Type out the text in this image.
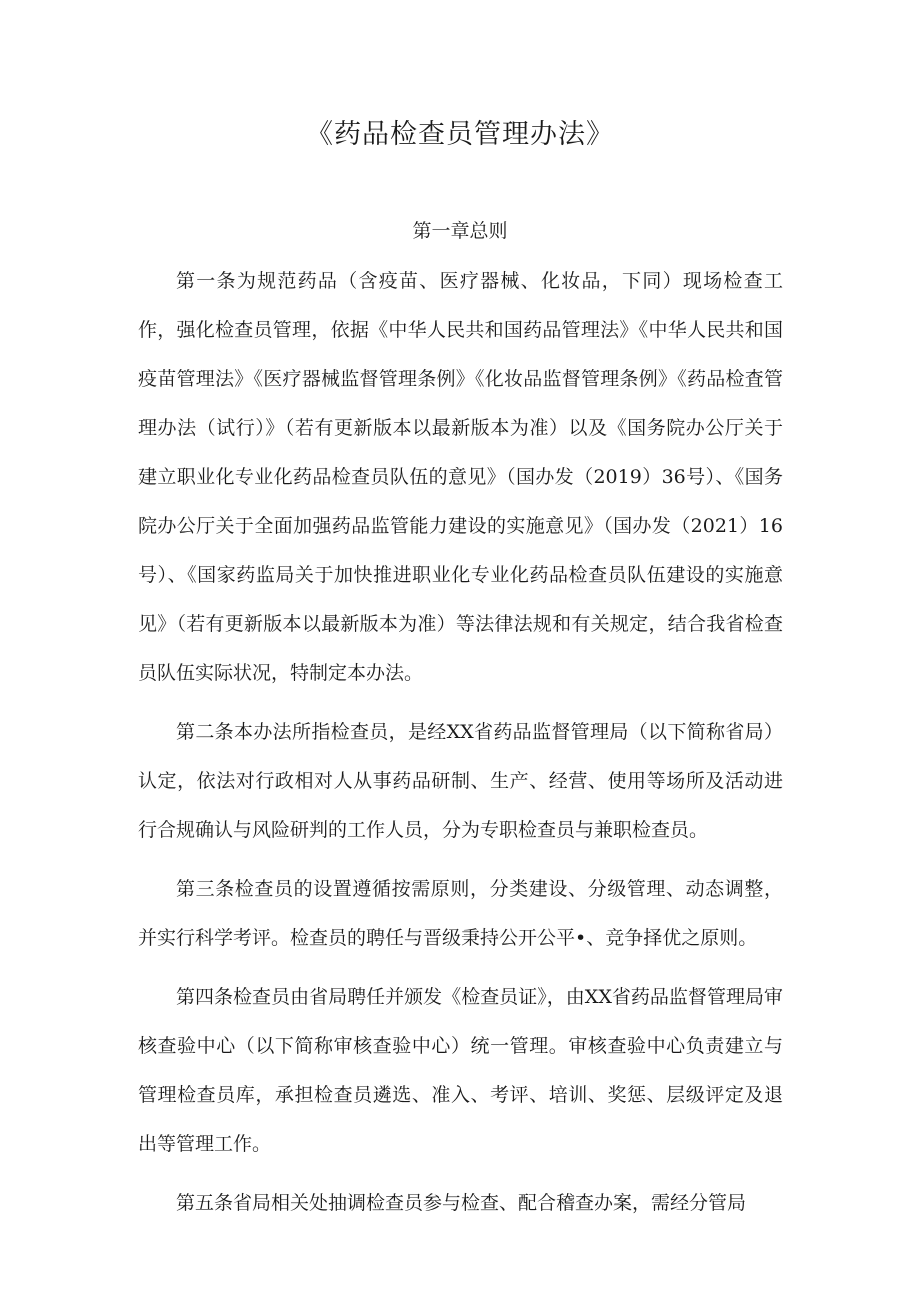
《药品检查员管理办法》
第一章总则

第一条为规范药品（含疫苗、医疗器械、化妆品，下同）现场检查工作，强化检查员管理，依据《中华人民共和国药品管理法》《中华人民共和国疫苗管理法》《医疗器械监督管理条例》《化妆品监督管理条例》《药品检査管理办法（试行）》（若有更新版本以最新版本为准）以及《国务院办公厅关于建立职业化专业化药品检查员队伍的意见》（国办发（2019）36号）、《国务院办公厅关于全面加强药品监管能力建设的实施意见》（国办发（2021）16号）、《国家药监局关于加快推进职业化专业化药品检查员队伍建设的实施意见》（若有更新版本以最新版本为准）等法律法规和有关规定，结合我省检查员队伍实际状况，特制定本办法。

第二条本办法所指检查员，是经XX省药品监督管理局（以下简称省局）认定，依法对行政相对人从事药品研制、生产、经营、使用等场所及活动进行合规确认与风险研判的工作人员，分为专职检查员与兼职检查员。

第三条检查员的设置遵循按需原则，分类建设、分级管理、动态调整，并实行科学考评。检查员的聘任与晋级秉持公开公平•、竞争择优之原则。

第四条检查员由省局聘任并颁发《检查员证》，由XX省药品监督管理局审核查验中心（以下简称审核查验中心）统一管理。审核查验中心负责建立与管理检查员库，承担检查员遴选、准入、考评、培训、奖惩、层级评定及退出等管理工作。

第五条省局相关处抽调检查员参与检查、配合稽查办案，需经分管局
